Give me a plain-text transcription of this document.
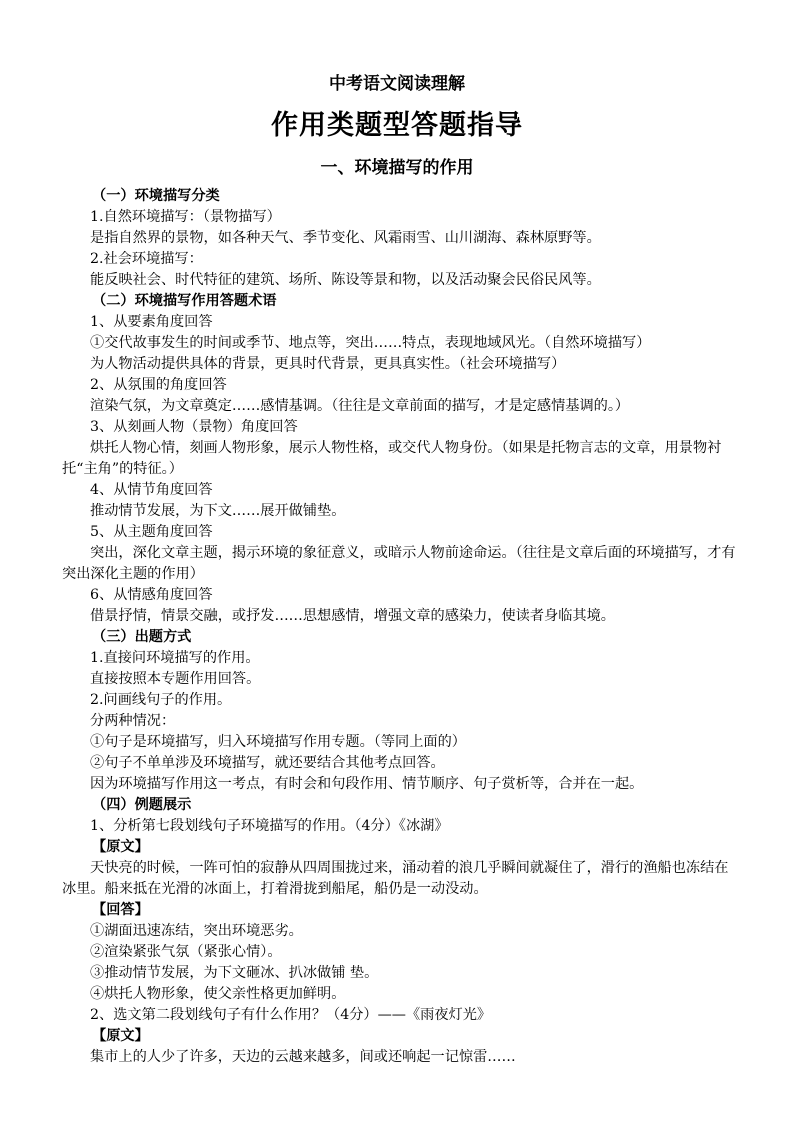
中考语文阅读理解
作用类题型答题指导
一、环境描写的作用
（一）环境描写分类
1.自然环境描写：（景物描写）
是指自然界的景物，如各种天气、季节变化、风霜雨雪、山川湖海、森林原野等。
2.社会环境描写：
能反映社会、时代特征的建筑、场所、陈设等景和物，以及活动聚会民俗民风等。
（二）环境描写作用答题术语
1、从要素角度回答
①交代故事发生的时间或季节、地点等，突出……特点，表现地域风光。（自然环境描写）
为人物活动提供具体的背景，更具时代背景，更具真实性。（社会环境描写）
2、从氛围的角度回答
渲染气氛，为文章奠定……感情基调。（往往是文章前面的描写，才是定感情基调的。）
3、从刻画人物（景物）角度回答
烘托人物心情，刻画人物形象，展示人物性格，或交代人物身份。（如果是托物言志的文章，用景物衬托“主角”的特征。）
4、从情节角度回答
推动情节发展，为下文……展开做铺垫。
5、从主题角度回答
突出，深化文章主题，揭示环境的象征意义，或暗示人物前途命运。（往往是文章后面的环境描写，才有突出深化主题的作用）
6、从情感角度回答
借景抒情，情景交融，或抒发……思想感情，增强文章的感染力，使读者身临其境。
（三）出题方式
1.直接问环境描写的作用。
直接按照本专题作用回答。
2.问画线句子的作用。
分两种情况：
①句子是环境描写，归入环境描写作用专题。（等同上面的）
②句子不单单涉及环境描写，就还要结合其他考点回答。
因为环境描写作用这一考点，有时会和句段作用、情节顺序、句子赏析等，合并在一起。
（四）例题展示
1、分析第七段划线句子环境描写的作用。（4分）《冰湖》
【原文】
天快亮的时候，一阵可怕的寂静从四周围拢过来，涌动着的浪几乎瞬间就凝住了，滑行的渔船也冻结在冰里。船来抵在光滑的冰面上，打着滑拢到船尾，船仍是一动没动。
【回答】
①湖面迅速冻结，突出环境恶劣。
②渲染紧张气氛（紧张心情）。
③推动情节发展，为下文砸冰、扒冰做铺 垫。
④烘托人物形象，使父亲性格更加鲜明。
2、选文第二段划线句子有什么作用？（4分）——《雨夜灯光》
【原文】
集市上的人少了许多，天边的云越来越多，间或还响起一记惊雷……
